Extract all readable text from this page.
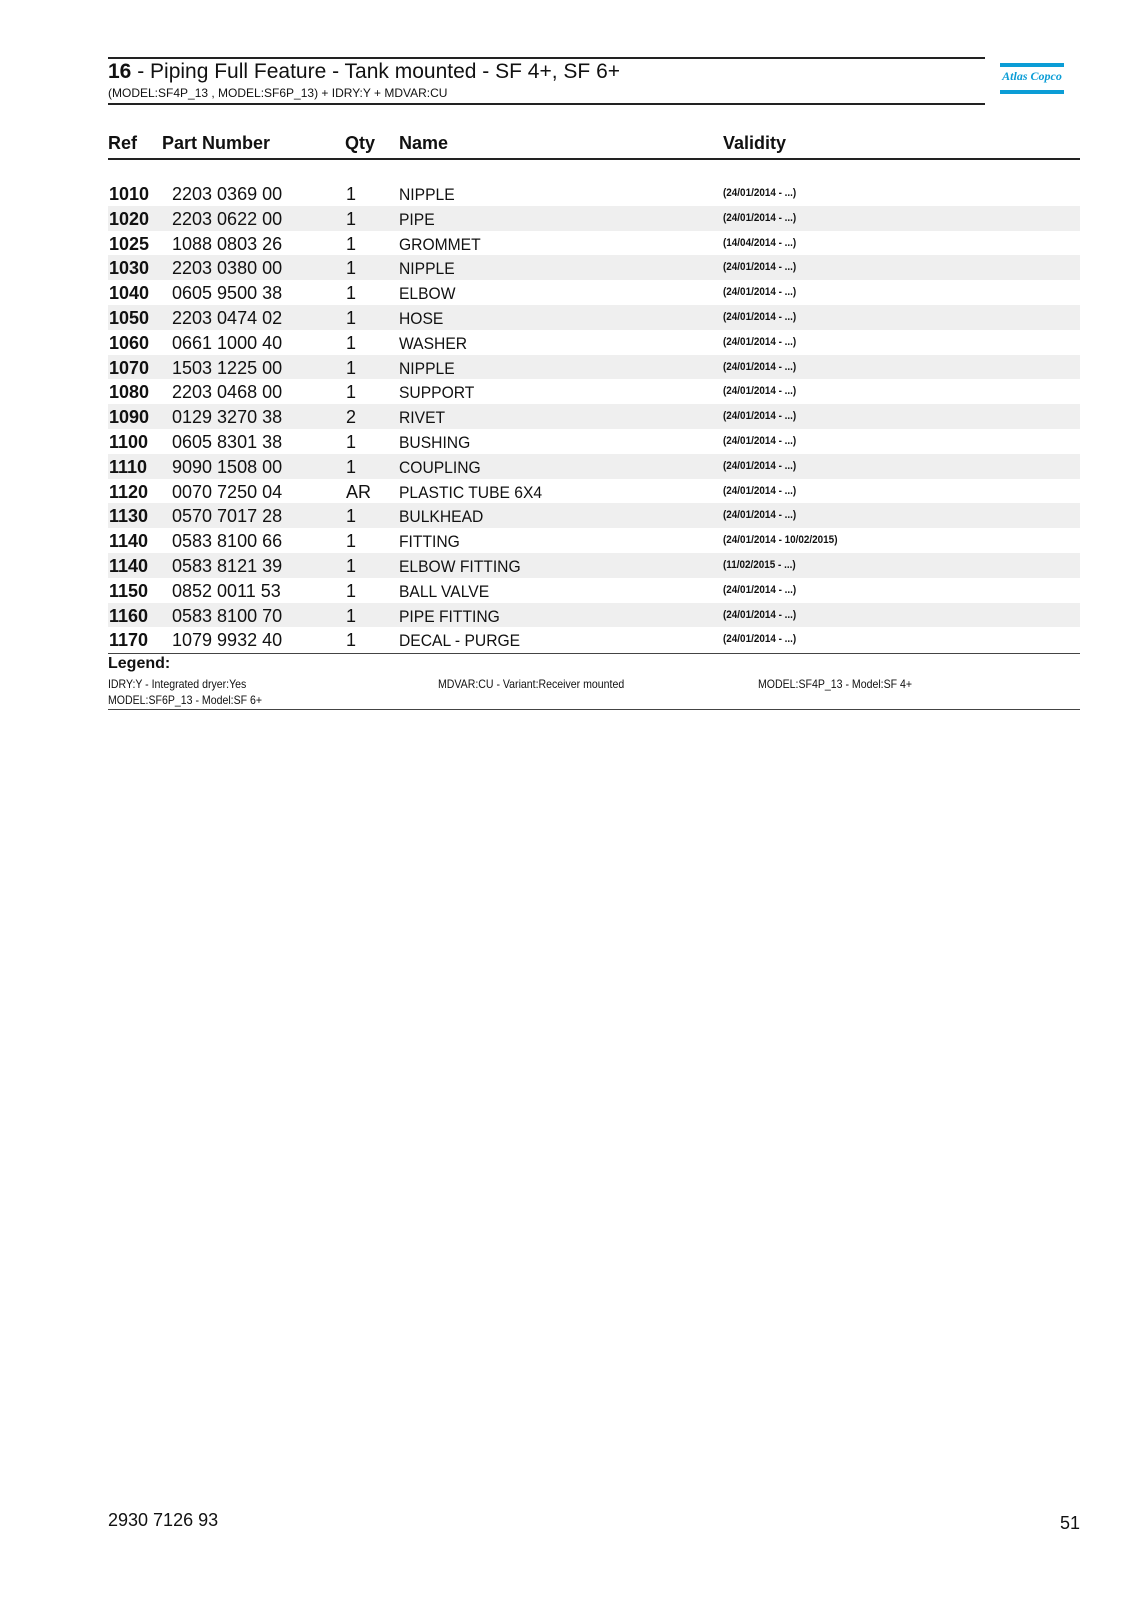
16 - Piping Full Feature - Tank mounted - SF 4+, SF 6+
(MODEL:SF4P_13 , MODEL:SF6P_13) + IDRY:Y + MDVAR:CU
Atlas Copco
Ref Part Number	Qty Name	Validity
1010 2203 0369 00	1	NIPPLE	(24/01/2014 - ...)
1020 2203 0622 00	1	PIPE	(24/01/2014 - ...)
1025 1088 0803 26	1	GROMMET	(14/04/2014 - ...)
1030 2203 0380 00	1	NIPPLE	(24/01/2014 - ...)
1040 0605 9500 38	1	ELBOW	(24/01/2014 - ...)
1050 2203 0474 02	1	HOSE	(24/01/2014 - ...)
1060 0661 1000 40	1	WASHER	(24/01/2014 - ...)
1070 1503 1225 00	1	NIPPLE	(24/01/2014 - ...)
1080 2203 0468 00	1	SUPPORT	(24/01/2014 - ...)
1090 0129 3270 38	2	RIVET	(24/01/2014 - ...)
1100 0605 8301 38	1	BUSHING	(24/01/2014 - ...)
1110 9090 1508 00	1	COUPLING	(24/01/2014 - ...)
1120 0070 7250 04	AR PLASTIC TUBE 6X4	(24/01/2014 - ...)
1130 0570 7017 28	1	BULKHEAD	(24/01/2014 - ...)
1140 0583 8100 66	1	FITTING	(24/01/2014 - 10/02/2015)
1140 0583 8121 39	1	ELBOW FITTING	(11/02/2015 - ...)
1150 0852 0011 53	1	BALL VALVE	(24/01/2014 - ...)
1160 0583 8100 70	1	PIPE FITTING	(24/01/2014 - ...)
1170 1079 9932 40	1	DECAL - PURGE	(24/01/2014 - ...)
Legend:
IDRY:Y - Integrated dryer:Yes	MDVAR:CU - Variant:Receiver mounted	MODEL:SF4P_13 - Model:SF 4+
MODEL:SF6P_13 - Model:SF 6+
2930 7126 93	51
